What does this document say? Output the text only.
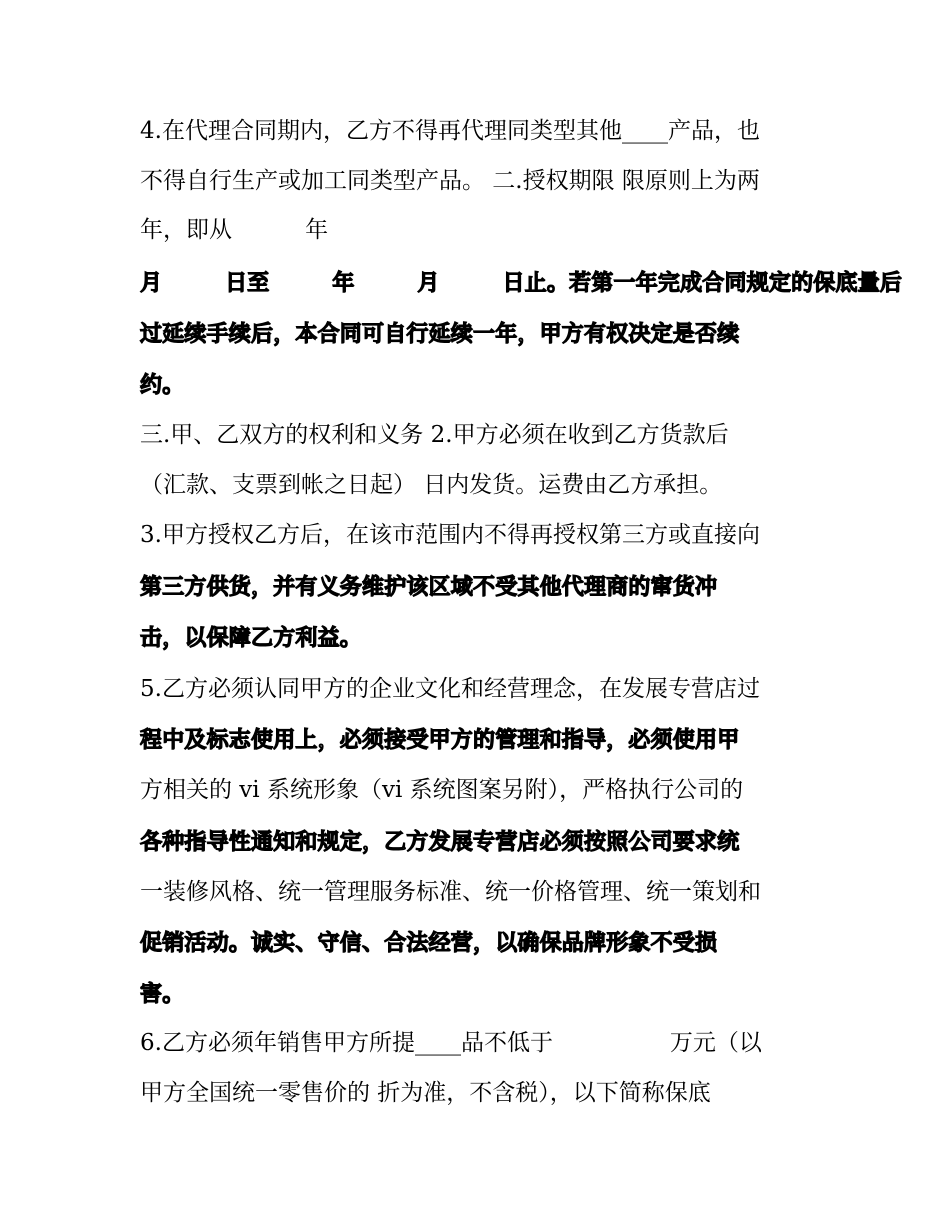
4.在代理合同期内，乙方不得再代理同类型其他____产品，也
不得自行生产或加工同类型产品。 二.授权期限 限原则上为两
年，即从          年
月        日至        年        月        日止。若第一年完成合同规定的保底量后
过延续手续后，本合同可自行延续一年，甲方有权决定是否续
约。
三.甲、乙双方的权利和义务 2.甲方必须在收到乙方货款后
（汇款、支票到帐之日起） 日内发货。运费由乙方承担。
3.甲方授权乙方后，在该市范围内不得再授权第三方或直接向
第三方供货，并有义务维护该区域不受其他代理商的窜货冲
击，以保障乙方利益。
5.乙方必须认同甲方的企业文化和经营理念，在发展专营店过
程中及标志使用上，必须接受甲方的管理和指导，必须使用甲
方相关的 vi 系统形象（vi 系统图案另附），严格执行公司的
各种指导性通知和规定，乙方发展专营店必须按照公司要求统
一装修风格、统一管理服务标准、统一价格管理、统一策划和
促销活动。诚实、守信、合法经营，以确保品牌形象不受损
害。
6.乙方必须年销售甲方所提____品不低于                万元（以
甲方全国统一零售价的 折为准，不含税），以下简称保底
